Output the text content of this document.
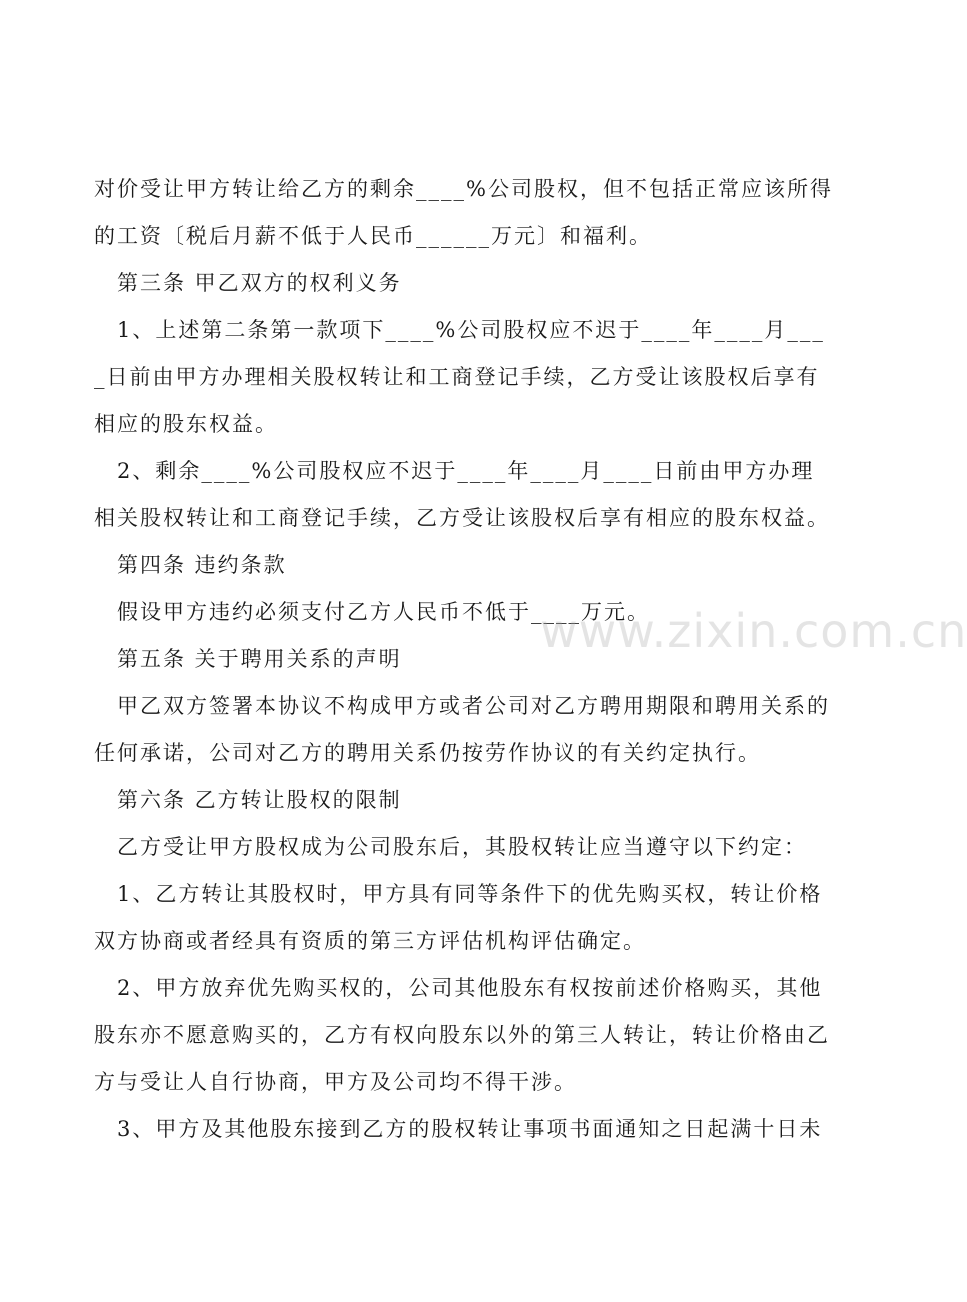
对价受让甲方转让给乙方的剩余____%公司股权，但不包括正常应该所得的工资〔税后月薪不低于人民币______万元〕和福利。

第三条 甲乙双方的权利义务

1、上述第二条第一款项下____%公司股权应不迟于____年____月____日前由甲方办理相关股权转让和工商登记手续，乙方受让该股权后享有相应的股东权益。

2、剩余____%公司股权应不迟于____年____月____日前由甲方办理相关股权转让和工商登记手续，乙方受让该股权后享有相应的股东权益。

第四条 违约条款

假设甲方违约必须支付乙方人民币不低于____万元。

第五条 关于聘用关系的声明

甲乙双方签署本协议不构成甲方或者公司对乙方聘用期限和聘用关系的任何承诺，公司对乙方的聘用关系仍按劳作协议的有关约定执行。

第六条 乙方转让股权的限制

乙方受让甲方股权成为公司股东后，其股权转让应当遵守以下约定：

1、乙方转让其股权时，甲方具有同等条件下的优先购买权，转让价格双方协商或者经具有资质的第三方评估机构评估确定。

2、甲方放弃优先购买权的，公司其他股东有权按前述价格购买，其他股东亦不愿意购买的，乙方有权向股东以外的第三人转让，转让价格由乙方与受让人自行协商，甲方及公司均不得干涉。

3、甲方及其他股东接到乙方的股权转让事项书面通知之日起满十日未

www.zixin.com.cn
